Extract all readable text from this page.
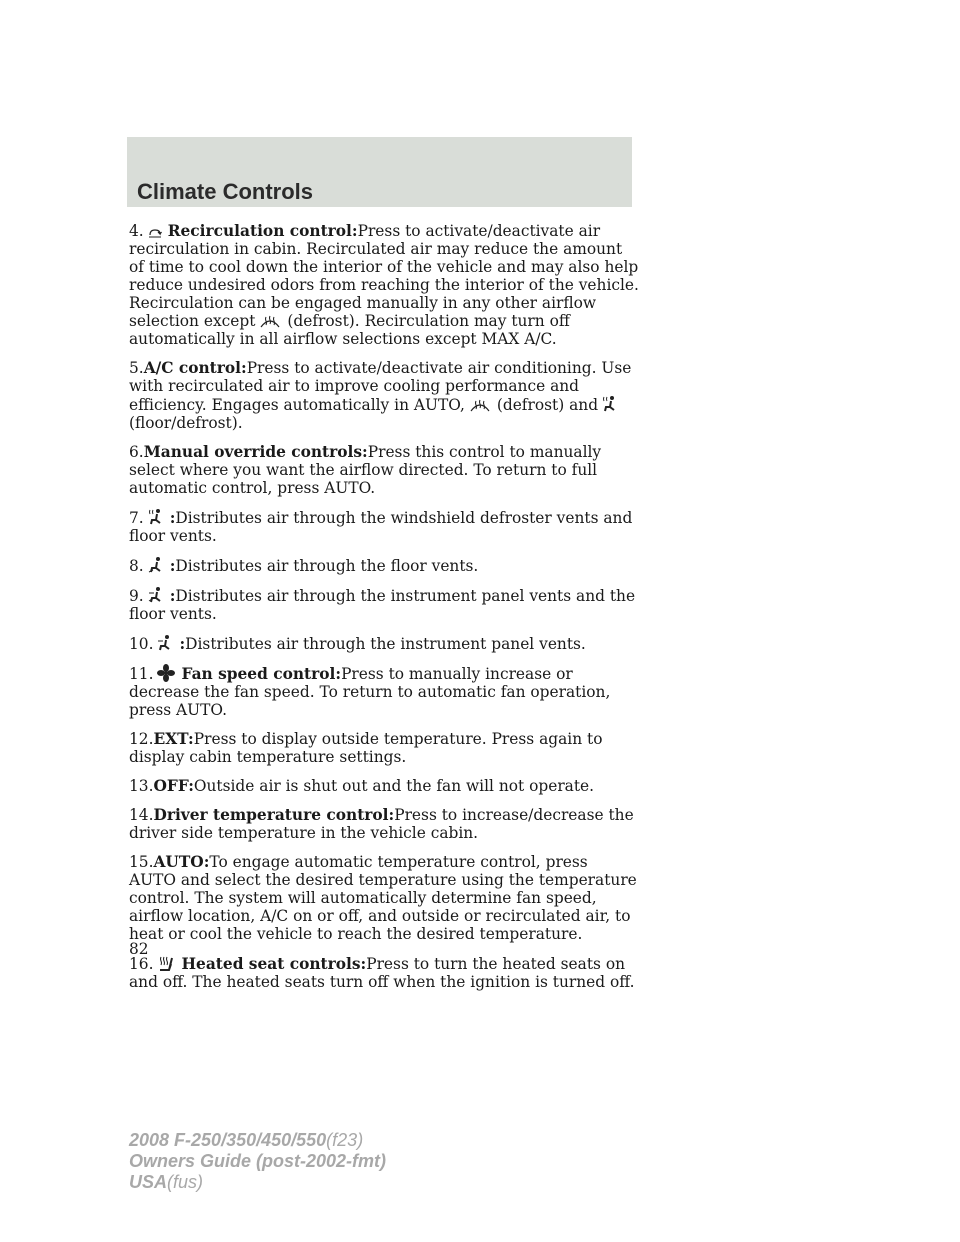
Climate Controls

4. Recirculation control:Press to activate/deactivate air recirculation in cabin. Recirculated air may reduce the amount of time to cool down the interior of the vehicle and may also help reduce undesired odors from reaching the interior of the vehicle. Recirculation can be engaged manually in any other airflow selection except (defrost). Recirculation may turn off automatically in all airflow selections except MAX A/C.

5.A/C control:Press to activate/deactivate air conditioning. Use with recirculated air to improve cooling performance and efficiency. Engages automatically in AUTO, (defrost) and
(floor/defrost).

6.Manual override controls:Press this control to manually select where you want the airflow directed. To return to full automatic control, press AUTO.

7. :Distributes air through the windshield defroster vents and floor vents.

8. :Distributes air through the floor vents.

9. :Distributes air through the instrument panel vents and the floor vents.

10. :Distributes air through the instrument panel vents.

11. Fan speed control:Press to manually increase or decrease the fan speed. To return to automatic fan operation, press AUTO.

12.EXT:Press to display outside temperature. Press again to display cabin temperature settings.

13.OFF:Outside air is shut out and the fan will not operate.

14.Driver temperature control:Press to increase/decrease the driver side temperature in the vehicle cabin.

15.AUTO:To engage automatic temperature control, press AUTO and select the desired temperature using the temperature control. The system will automatically determine fan speed, airflow location, A/C on or off, and outside or recirculated air, to heat or cool the vehicle to reach the desired temperature.

16. Heated seat controls:Press to turn the heated seats on and off. The heated seats turn off when the ignition is turned off.

82
2008 F-250/350/450/550(f23)
Owners Guide (post-2002-fmt)
USA(fus)
